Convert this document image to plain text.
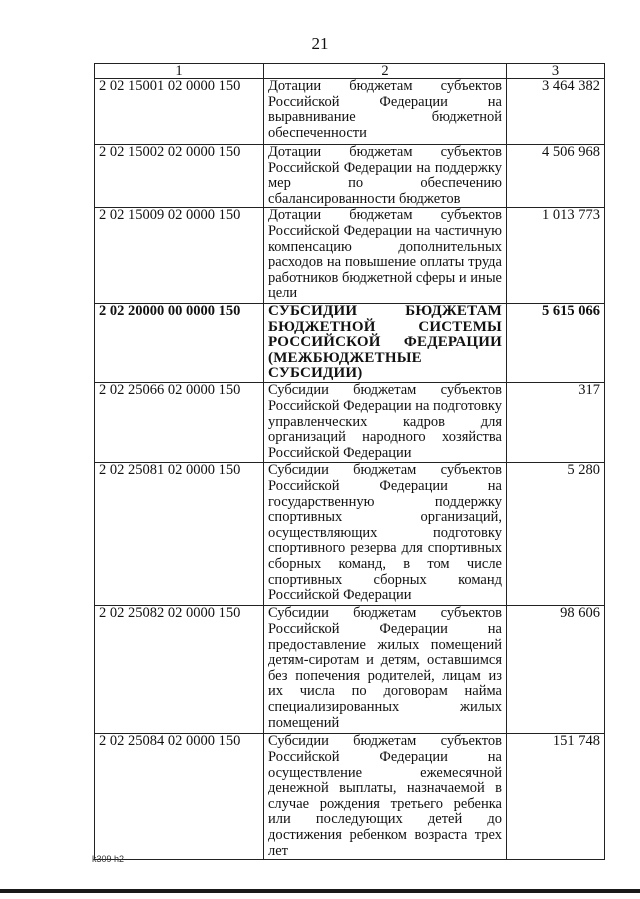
21
1	2	3
2 02 15001 02 0000 150	Дотации бюджетам субъектов Российской Федерации на выравнивание бюджетной обеспеченности	3 464 382
2 02 15002 02 0000 150	Дотации бюджетам субъектов Российской Федерации на поддержку мер по обеспечению сбалансированности бюджетов	4 506 968
2 02 15009 02 0000 150	Дотации бюджетам субъектов Российской Федерации на частичную компенсацию дополнительных расходов на повышение оплаты труда работников бюджетной сферы и иные цели	1 013 773
2 02 20000 00 0000 150	СУБСИДИИ БЮДЖЕТАМ БЮДЖЕТНОЙ СИСТЕМЫ РОССИЙСКОЙ ФЕДЕРАЦИИ (МЕЖБЮДЖЕТНЫЕ СУБСИДИИ)	5 615 066
2 02 25066 02 0000 150	Субсидии бюджетам субъектов Российской Федерации на подготовку управленческих кадров для организаций народного хозяйства Российской Федерации	317
2 02 25081 02 0000 150	Субсидии бюджетам субъектов Российской Федерации на государственную поддержку спортивных организаций, осуществляющих подготовку спортивного резерва для спортивных сборных команд, в том числе спортивных сборных команд Российской Федерации	5 280
2 02 25082 02 0000 150	Субсидии бюджетам субъектов Российской Федерации на предоставление жилых помещений детям-сиротам и детям, оставшимся без попечения родителей, лицам из их числа по договорам найма специализированных жилых помещений	98 606
2 02 25084 02 0000 150	Субсидии бюджетам субъектов Российской Федерации на осуществление ежемесячной денежной выплаты, назначаемой в случае рождения третьего ребенка или последующих детей до достижения ребенком возраста трех лет	151 748
k309 h2
